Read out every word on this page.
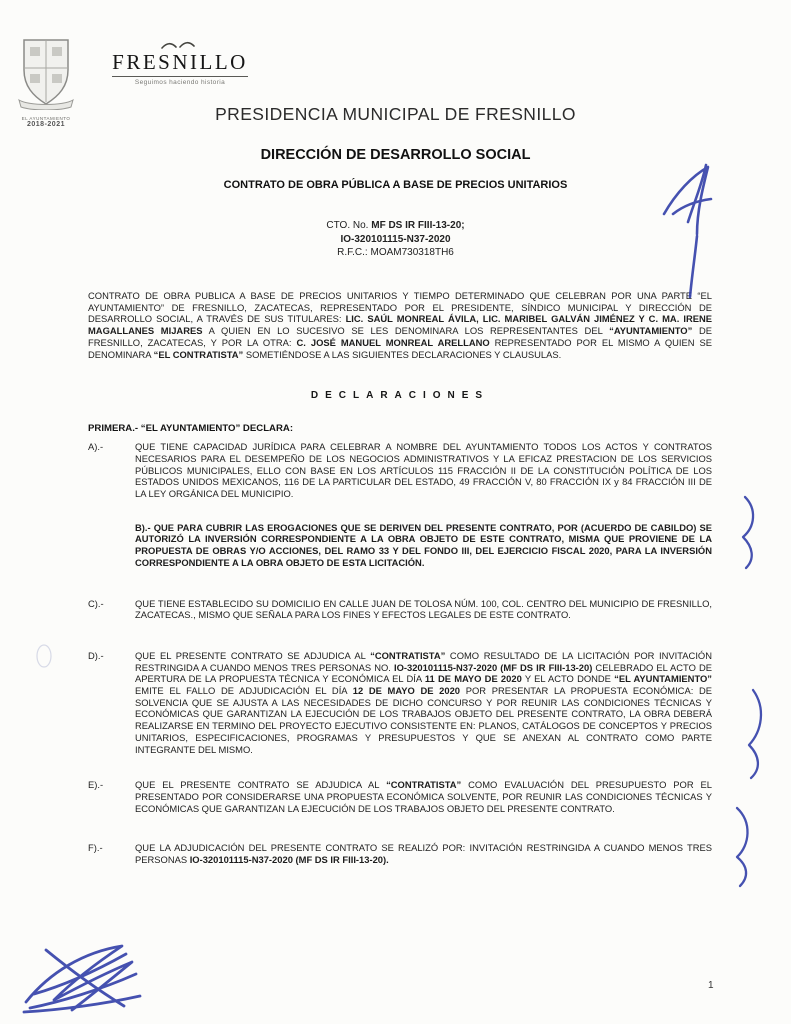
EL AYUNTAMIENTO
2018-2021
FRESNILLO
Seguimos haciendo historia
PRESIDENCIA MUNICIPAL DE FRESNILLO
DIRECCIÓN DE DESARROLLO SOCIAL
CONTRATO DE OBRA PÚBLICA A BASE DE PRECIOS UNITARIOS
CTO. No. MF DS IR FIII-13-20;
IO-320101115-N37-2020
R.F.C.: MOAM730318TH6

CONTRATO DE OBRA PUBLICA A BASE DE PRECIOS UNITARIOS Y TIEMPO DETERMINADO QUE CELEBRAN POR UNA PARTE “EL AYUNTAMIENTO” DE FRESNILLO, ZACATECAS, REPRESENTADO POR EL PRESIDENTE, SÍNDICO MUNICIPAL Y DIRECCIÓN DE DESARROLLO SOCIAL, A TRAVÉS DE SUS TITULARES: LIC. SAÚL MONREAL ÁVILA, LIC. MARIBEL GALVÁN JIMÉNEZ Y C. MA. IRENE MAGALLANES MIJARES A QUIEN EN LO SUCESIVO SE LES DENOMINARA LOS REPRESENTANTES DEL “AYUNTAMIENTO” DE FRESNILLO, ZACATECAS, Y POR LA OTRA: C. JOSÉ MANUEL MONREAL ARELLANO REPRESENTADO POR EL MISMO A QUIEN SE DENOMINARA “EL CONTRATISTA” SOMETIÉNDOSE A LAS SIGUIENTES DECLARACIONES Y CLAUSULAS.

DECLARACIONES
PRIMERA.- “EL AYUNTAMIENTO” DECLARA:
A).-	QUE TIENE CAPACIDAD JURÍDICA PARA CELEBRAR A NOMBRE DEL AYUNTAMIENTO TODOS LOS ACTOS Y CONTRATOS NECESARIOS PARA EL DESEMPEÑO DE LOS NEGOCIOS ADMINISTRATIVOS Y LA EFICAZ PRESTACION DE LOS SERVICIOS PÚBLICOS MUNICIPALES, ELLO CON BASE EN LOS ARTÍCULOS 115 FRACCIÓN II DE LA CONSTITUCIÓN POLÍTICA DE LOS ESTADOS UNIDOS MEXICANOS, 116 DE LA PARTICULAR DEL ESTADO, 49 FRACCIÓN V, 80 FRACCIÓN IX y 84 FRACCIÓN III DE LA LEY ORGÁNICA DEL MUNICIPIO.
B).- QUE PARA CUBRIR LAS EROGACIONES QUE SE DERIVEN DEL PRESENTE CONTRATO, POR (ACUERDO DE CABILDO) SE AUTORIZÓ LA INVERSIÓN CORRESPONDIENTE A LA OBRA OBJETO DE ESTE CONTRATO, MISMA QUE PROVIENE DE LA PROPUESTA DE OBRAS Y/O ACCIONES, DEL RAMO 33 Y DEL FONDO III, DEL EJERCICIO FISCAL 2020, PARA LA INVERSIÓN CORRESPONDIENTE A LA OBRA OBJETO DE ESTA LICITACIÓN.
C).-	QUE TIENE ESTABLECIDO SU DOMICILIO EN CALLE JUAN DE TOLOSA NÚM. 100, COL. CENTRO DEL MUNICIPIO DE FRESNILLO, ZACATECAS., MISMO QUE SEÑALA PARA LOS FINES Y EFECTOS LEGALES DE ESTE CONTRATO.
D).-	QUE EL PRESENTE CONTRATO SE ADJUDICA AL “CONTRATISTA” COMO RESULTADO DE LA LICITACIÓN POR INVITACIÓN RESTRINGIDA A CUANDO MENOS TRES PERSONAS NO. IO-320101115-N37-2020 (MF DS IR FIII-13-20) CELEBRADO EL ACTO DE APERTURA DE LA PROPUESTA TÉCNICA Y ECONÓMICA EL DÍA 11 DE MAYO DE 2020 Y EL ACTO DONDE “EL AYUNTAMIENTO” EMITE EL FALLO DE ADJUDICACIÓN EL DÍA 12 DE MAYO DE 2020 POR PRESENTAR LA PROPUESTA ECONÓMICA: DE SOLVENCIA QUE SE AJUSTA A LAS NECESIDADES DE DICHO CONCURSO Y POR REUNIR LAS CONDICIONES TÉCNICAS Y ECONÓMICAS QUE GARANTIZAN LA EJECUCIÓN DE LOS TRABAJOS OBJETO DEL PRESENTE CONTRATO, LA OBRA DEBERÁ REALIZARSE EN TERMINO DEL PROYECTO EJECUTIVO CONSISTENTE EN: PLANOS, CATÁLOGOS DE CONCEPTOS Y PRECIOS UNITARIOS, ESPECIFICACIONES, PROGRAMAS Y PRESUPUESTOS Y QUE SE ANEXAN AL CONTRATO COMO PARTE INTEGRANTE DEL MISMO.
E).-	QUE EL PRESENTE CONTRATO SE ADJUDICA AL “CONTRATISTA” COMO EVALUACIÓN DEL PRESUPUESTO POR EL PRESENTADO POR CONSIDERARSE UNA PROPUESTA ECONÓMICA SOLVENTE, POR REUNIR LAS CONDICIONES TÉCNICAS Y ECONÓMICAS QUE GARANTIZAN LA EJECUCIÓN DE LOS TRABAJOS OBJETO DEL PRESENTE CONTRATO.
F).-	QUE LA ADJUDICACIÓN DEL PRESENTE CONTRATO SE REALIZÓ POR: INVITACIÓN RESTRINGIDA A CUANDO MENOS TRES PERSONAS IO-320101115-N37-2020 (MF DS IR FIII-13-20).
1
